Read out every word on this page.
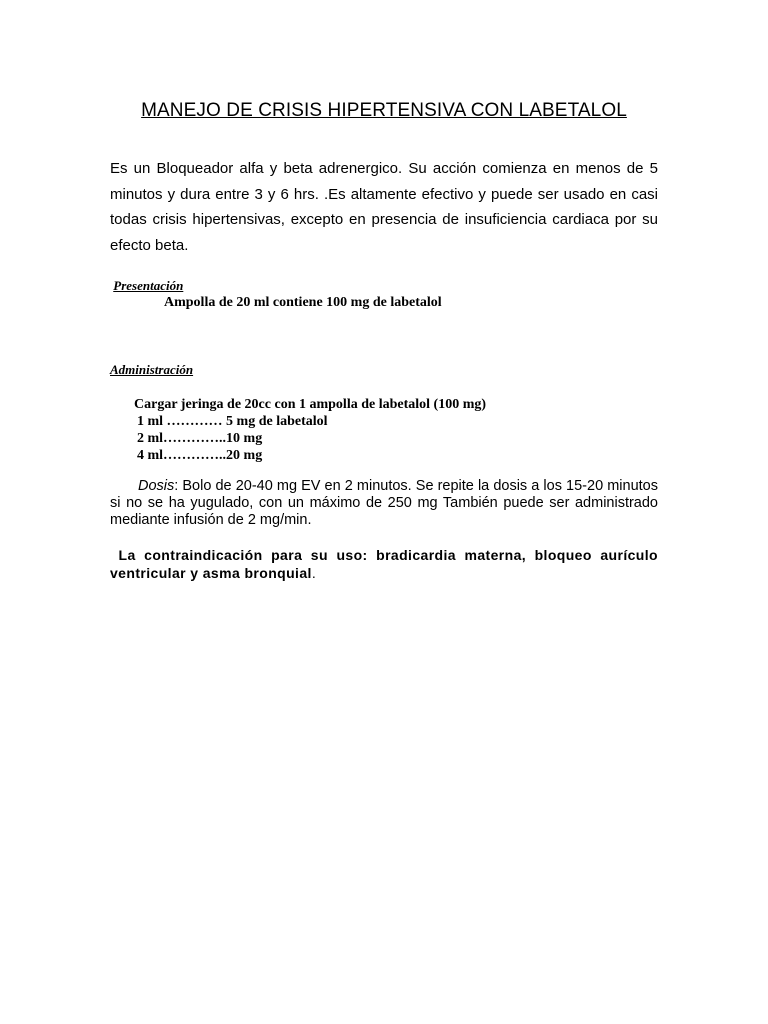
MANEJO DE CRISIS HIPERTENSIVA CON LABETALOL
Es un Bloqueador alfa y beta adrenergico. Su acción comienza en menos de 5 minutos y dura entre 3 y 6 hrs. .Es altamente efectivo y puede ser usado en casi todas crisis hipertensivas, excepto en presencia de insuficiencia cardiaca por su efecto beta.
Presentación
Ampolla de 20 ml contiene 100 mg de labetalol
Administración
Cargar jeringa de 20cc con 1 ampolla de labetalol (100 mg)
1 ml ………… 5 mg de labetalol
2 ml…………..10 mg
4 ml…………..20 mg
Dosis: Bolo de 20-40 mg EV en 2 minutos. Se repite la dosis a los 15-20 minutos si no se ha yugulado, con un máximo de 250 mg También puede ser administrado mediante infusión de 2 mg/min.
La contraindicación para su uso: bradicardia materna, bloqueo aurículo ventricular y asma bronquial.
